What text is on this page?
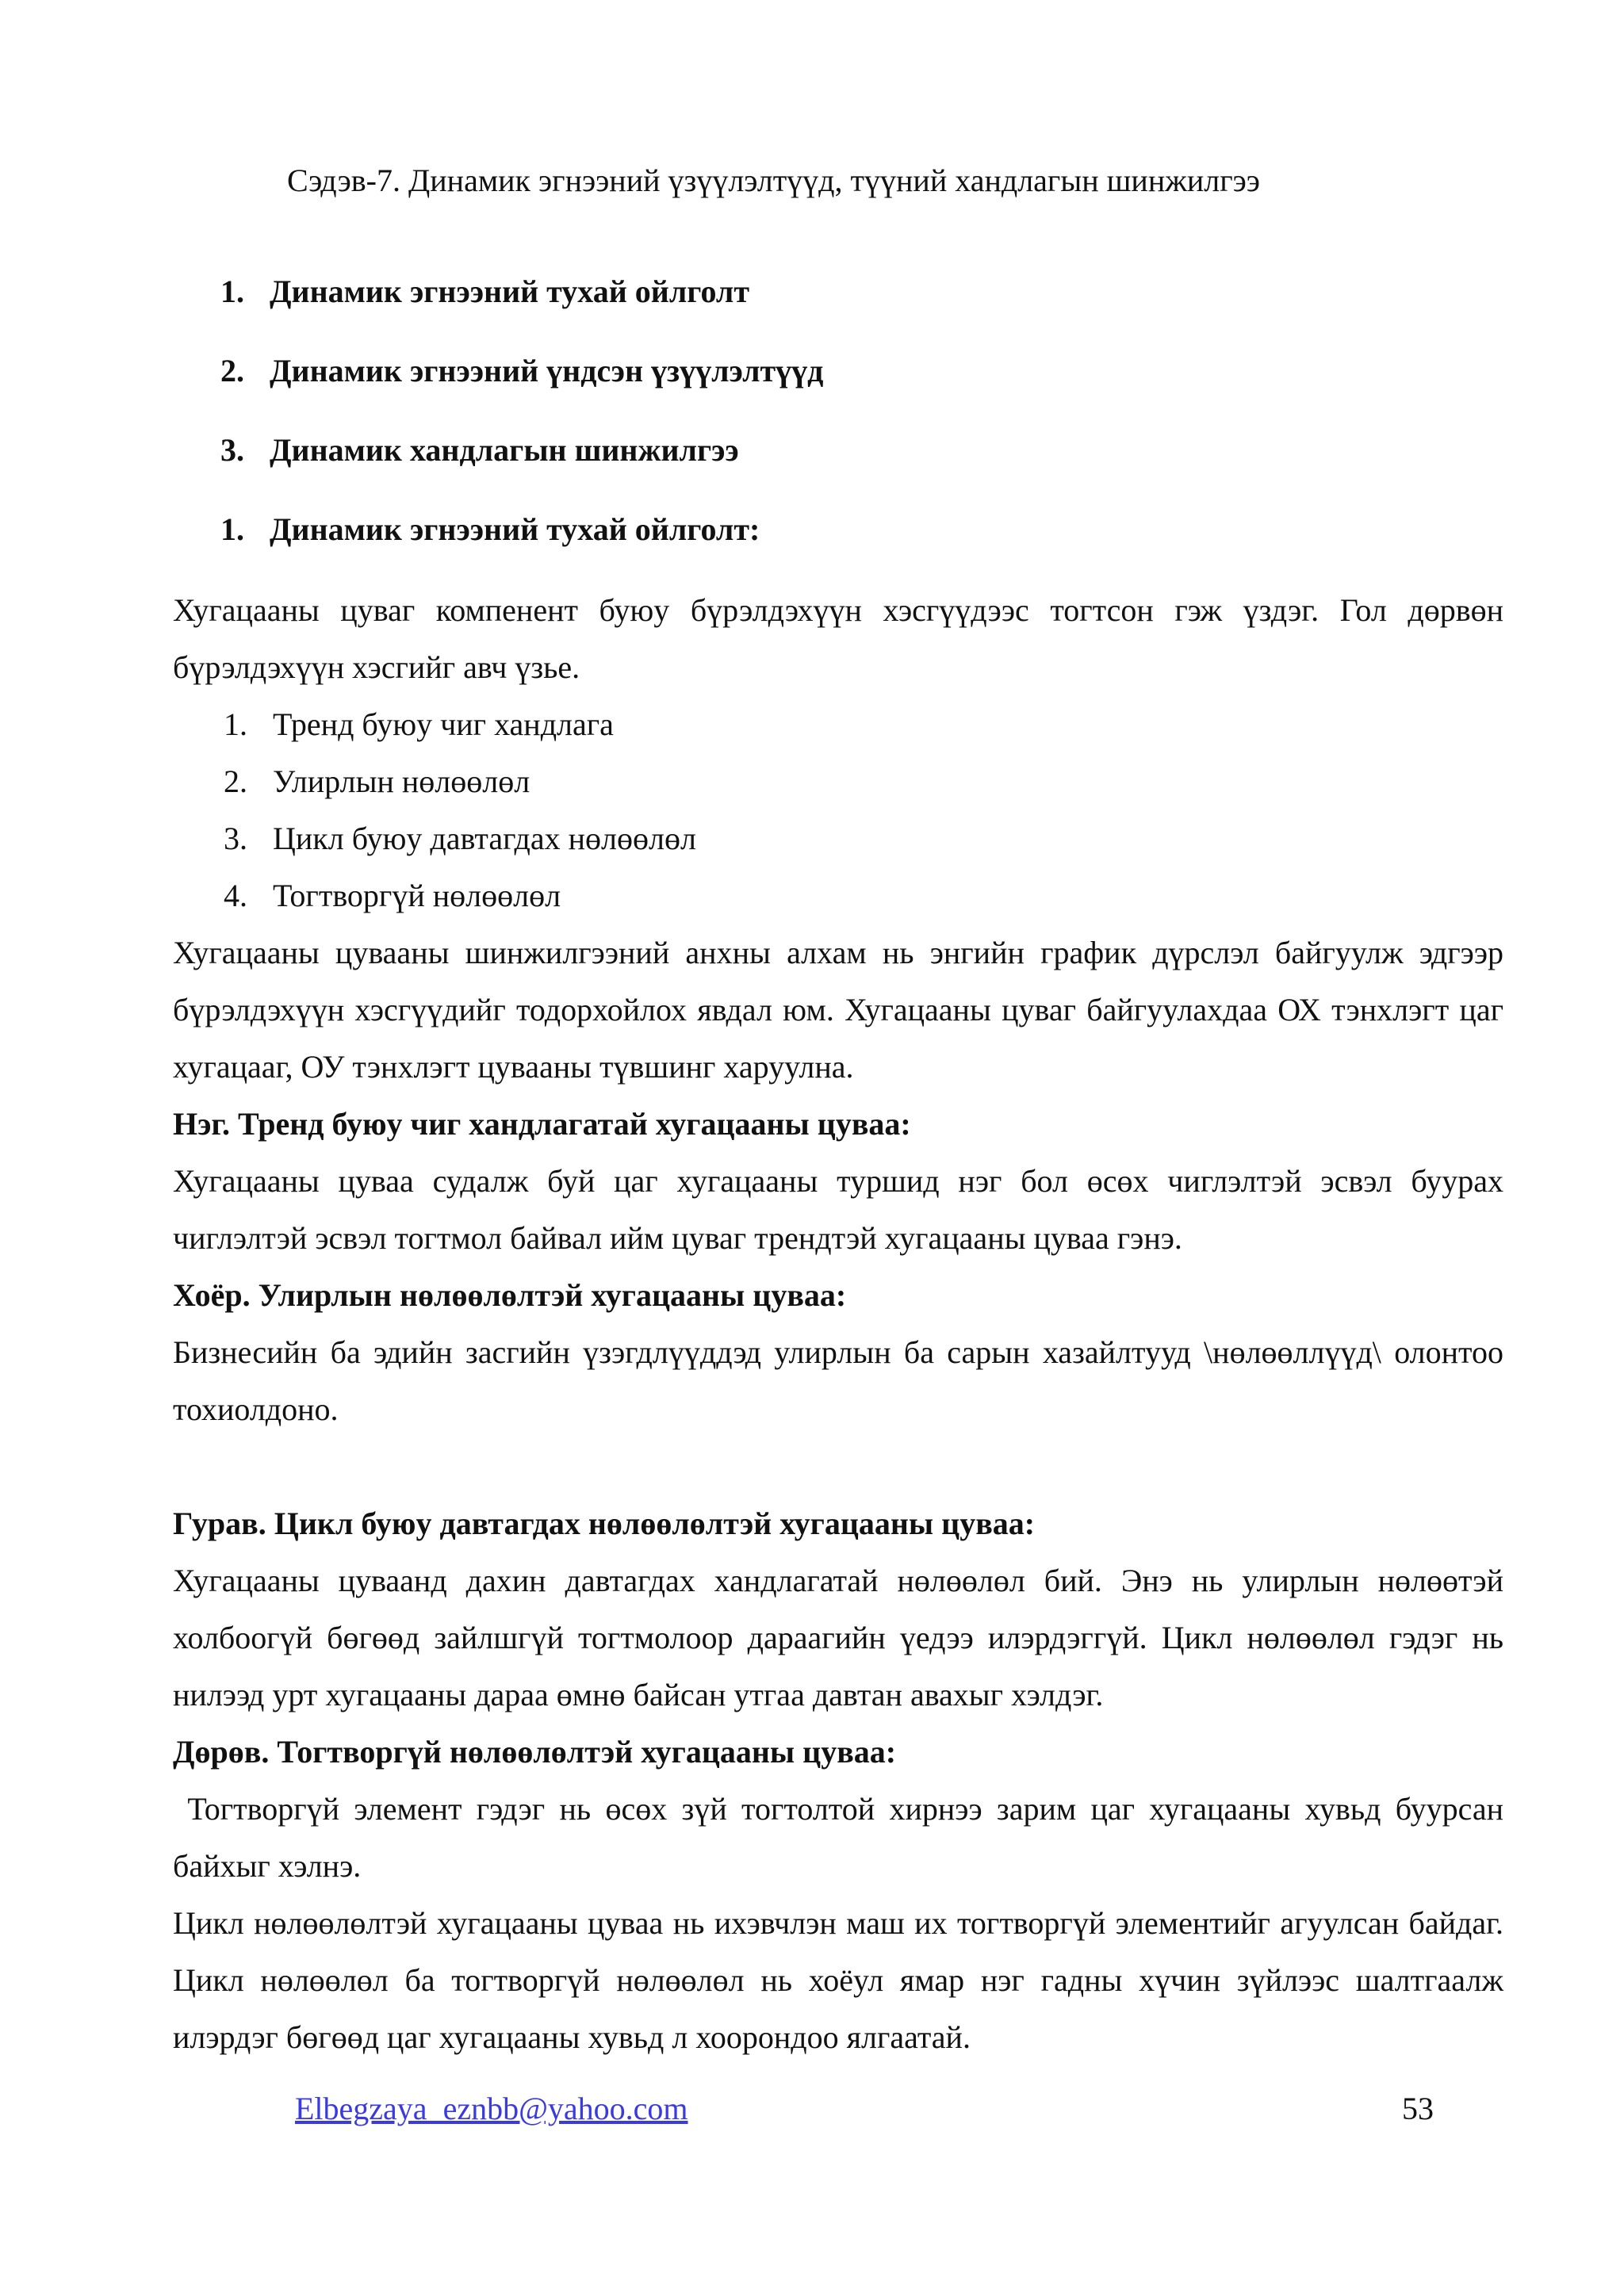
Сэдэв-7. Динамик эгнээний үзүүлэлтүүд, түүний хандлагын шинжилгээ
1. Динамик эгнээний тухай ойлголт
2. Динамик эгнээний үндсэн үзүүлэлтүүд
3. Динамик хандлагын шинжилгээ
1. Динамик эгнээний тухай ойлголт:

Хугацааны цуваг компенент буюу бүрэлдэхүүн хэсгүүдээс тогтсон гэж үздэг. Гол дөрвөн бүрэлдэхүүн хэсгийг авч үзье.

1. Тренд буюу чиг хандлага
2. Улирлын нөлөөлөл
3. Цикл буюу давтагдах нөлөөлөл
4. Тогтворгүй нөлөөлөл

Хугацааны цувааны шинжилгээний анхны алхам нь энгийн график дүрслэл байгуулж эдгээр бүрэлдэхүүн хэсгүүдийг тодорхойлох явдал юм. Хугацааны цуваг байгуулахдаа ОХ тэнхлэгт цаг хугацааг, ОУ тэнхлэгт цувааны түвшинг харуулна.

Нэг. Тренд буюу чиг хандлагатай хугацааны цуваа:

Хугацааны цуваа судалж буй цаг хугацааны туршид нэг бол өсөх чиглэлтэй эсвэл буурах чиглэлтэй эсвэл тогтмол байвал ийм цуваг трендтэй хугацааны цуваа гэнэ.

Хоёр. Улирлын нөлөөлөлтэй хугацааны цуваа:

Бизнесийн ба эдийн засгийн үзэгдлүүддэд улирлын ба сарын хазайлтууд \нөлөөллүүд\ олонтоо тохиолдоно.

Гурав. Цикл буюу давтагдах нөлөөлөлтэй хугацааны цуваа:

Хугацааны цуваанд дахин давтагдах хандлагатай нөлөөлөл бий. Энэ нь улирлын нөлөөтэй холбоогүй бөгөөд зайлшгүй тогтмолоор дараагийн үедээ илэрдэггүй. Цикл нөлөөлөл гэдэг нь нилээд урт хугацааны дараа өмнө байсан утгаа давтан авахыг хэлдэг.

Дөрөв. Тогтворгүй нөлөөлөлтэй хугацааны цуваа:

Тогтворгүй элемент гэдэг нь өсөх зүй тогтолтой хирнээ зарим цаг хугацааны хувьд буурсан байхыг хэлнэ.

Цикл нөлөөлөлтэй хугацааны цуваа нь ихэвчлэн маш их тогтворгүй элементийг агуулсан байдаг. Цикл нөлөөлөл ба тогтворгүй нөлөөлөл нь хоёул ямар нэг гадны хүчин зүйлээс шалтгаалж илэрдэг бөгөөд цаг хугацааны хувьд л хоорондоо ялгаатай.

Elbegzaya_eznbb@yahoo.com	53
